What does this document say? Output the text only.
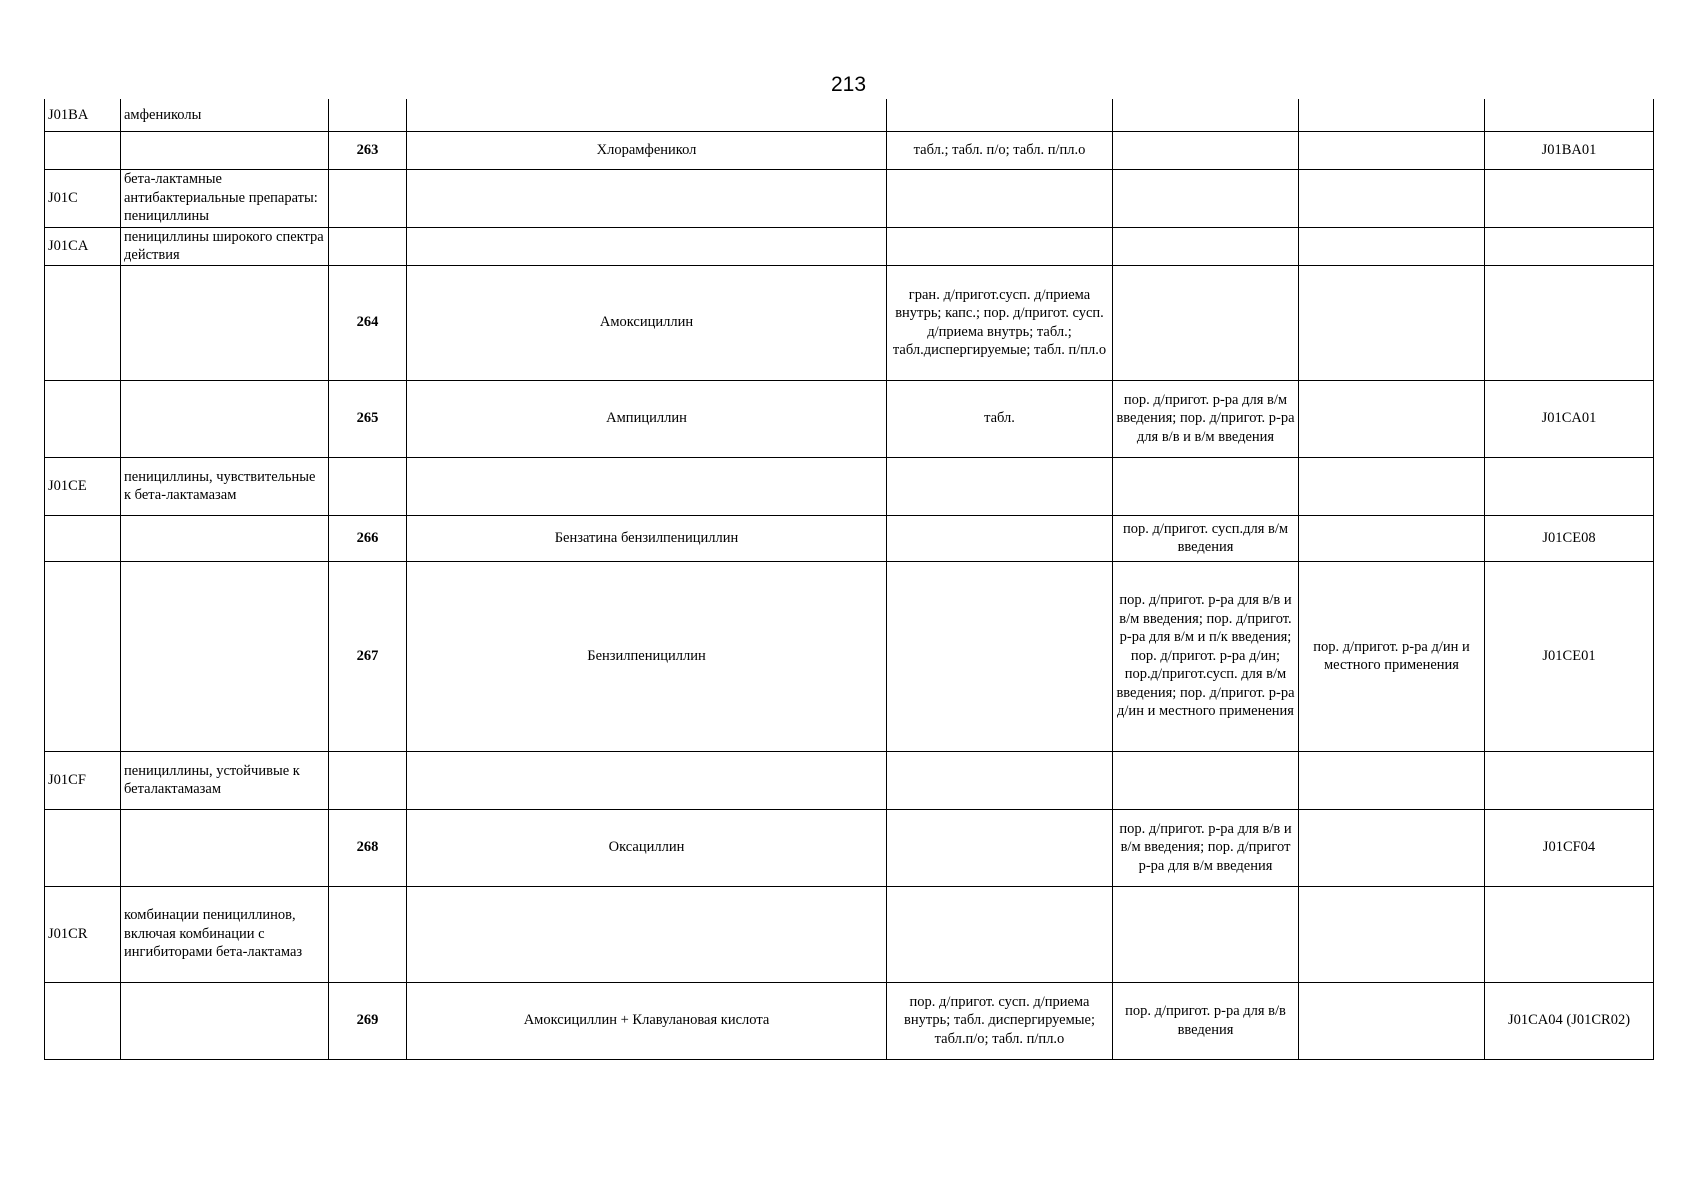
213
J01BA	амфениколы						
		263	Хлорамфеникол	табл.; табл. п/о; табл. п/пл.о			J01BA01
J01C	бета-лактамные антибактериальные препараты: пенициллины						
J01CA	пенициллины широкого спектра действия						
		264	Амоксициллин	гран. д/пригот.сусп. д/приема внутрь; капс.; пор. д/пригот. сусп. д/приема внутрь; табл.; табл.диспергируемые; табл. п/пл.о			
		265	Ампициллин	табл.	пор. д/пригот. р-ра для в/м введения; пор. д/пригот. р-ра для в/в и в/м введения		J01CA01
J01CE	пенициллины, чувствительные к бета-лактамазам						
		266	Бензатина бензилпенициллин		пор. д/пригот. сусп.для в/м введения		J01CE08
		267	Бензилпенициллин		пор. д/пригот. р-ра для в/в и в/м введения; пор. д/пригот. р-ра для в/м и п/к введения; пор. д/пригот. р-ра д/ин; пор.д/пригот.сусп. для в/м введения; пор. д/пригот. р-ра д/ин и местного применения	пор. д/пригот. р-ра д/ин и местного применения	J01CE01
J01CF	пенициллины, устойчивые к беталактамазам						
		268	Оксациллин		пор. д/пригот. р-ра для в/в и в/м введения; пор. д/пригот р-ра для в/м введения		J01CF04
J01CR	комбинации пенициллинов, включая комбинации с ингибиторами бета-лактамаз						
		269	Амоксициллин + Клавулановая кислота	пор. д/пригот. сусп. д/приема внутрь; табл. диспергируемые; табл.п/о; табл. п/пл.о	пор. д/пригот. р-ра для в/в введения		J01CA04 (J01CR02)
